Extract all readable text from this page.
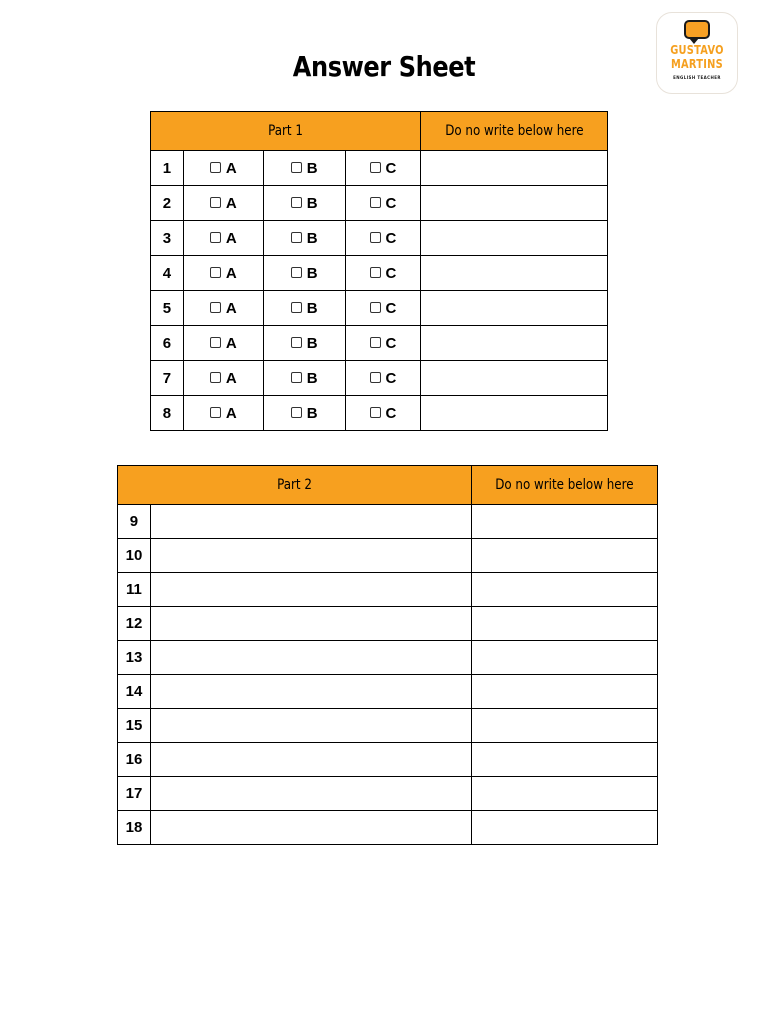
Answer Sheet	GUSTAVO
MARTINS
ENGLISH TEACHER
Part 1				Do no write below here
1	A	B	C	
2	A	B	C	
3	A	B	C	
4	A	B	C	
5	A	B	C	
6	A	B	C	
7	A	B	C	
8	A	B	C	
Part 2		Do no write below here
9		
10		
11		
12		
13		
14		
15		
16		
17		
18		
